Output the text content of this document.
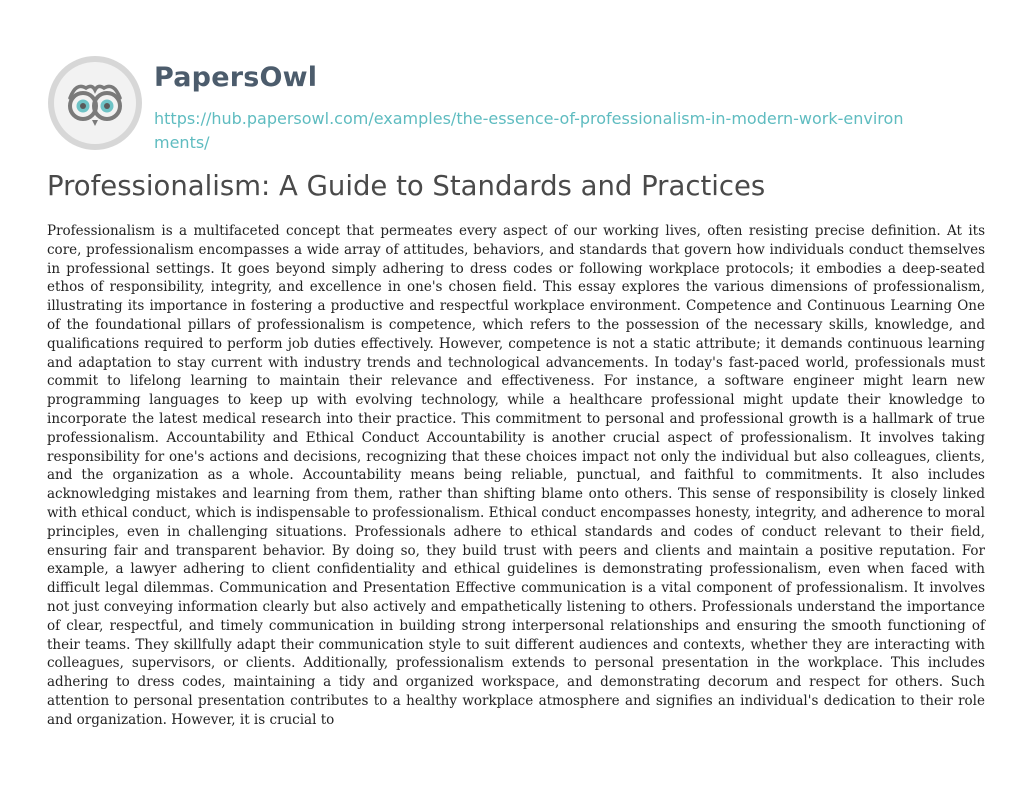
PapersOwl
https://hub.papersowl.com/examples/the-essence-of-professionalism-in-modern-work-environments/
Professionalism: A Guide to Standards and Practices

Professionalism is a multifaceted concept that permeates every aspect of our working lives, often resisting precise definition. At its core, professionalism encompasses a wide array of attitudes, behaviors, and standards that govern how individuals conduct themselves in professional settings. It goes beyond simply adhering to dress codes or following workplace protocols; it embodies a deep-seated ethos of responsibility, integrity, and excellence in one's chosen field. This essay explores the various dimensions of professionalism, illustrating its importance in fostering a productive and respectful workplace environment. Competence and Continuous Learning One of the foundational pillars of professionalism is competence, which refers to the possession of the necessary skills, knowledge, and qualifications required to perform job duties effectively. However, competence is not a static attribute; it demands continuous learning and adaptation to stay current with industry trends and technological advancements. In today's fast-paced world, professionals must commit to lifelong learning to maintain their relevance and effectiveness. For instance, a software engineer might learn new programming languages to keep up with evolving technology, while a healthcare professional might update their knowledge to incorporate the latest medical research into their practice. This commitment to personal and professional growth is a hallmark of true professionalism. Accountability and Ethical Conduct Accountability is another crucial aspect of professionalism. It involves taking responsibility for one's actions and decisions, recognizing that these choices impact not only the individual but also colleagues, clients, and the organization as a whole. Accountability means being reliable, punctual, and faithful to commitments. It also includes acknowledging mistakes and learning from them, rather than shifting blame onto others. This sense of responsibility is closely linked with ethical conduct, which is indispensable to professionalism. Ethical conduct encompasses honesty, integrity, and adherence to moral principles, even in challenging situations. Professionals adhere to ethical standards and codes of conduct relevant to their field, ensuring fair and transparent behavior. By doing so, they build trust with peers and clients and maintain a positive reputation. For example, a lawyer adhering to client confidentiality and ethical guidelines is demonstrating professionalism, even when faced with difficult legal dilemmas. Communication and Presentation Effective communication is a vital component of professionalism. It involves not just conveying information clearly but also actively and empathetically listening to others. Professionals understand the importance of clear, respectful, and timely communication in building strong interpersonal relationships and ensuring the smooth functioning of their teams. They skillfully adapt their communication style to suit different audiences and contexts, whether they are interacting with colleagues, supervisors, or clients. Additionally, professionalism extends to personal presentation in the workplace. This includes adhering to dress codes, maintaining a tidy and organized workspace, and demonstrating decorum and respect for others. Such attention to personal presentation contributes to a healthy workplace atmosphere and signifies an individual's dedication to their role and organization. However, it is crucial to
